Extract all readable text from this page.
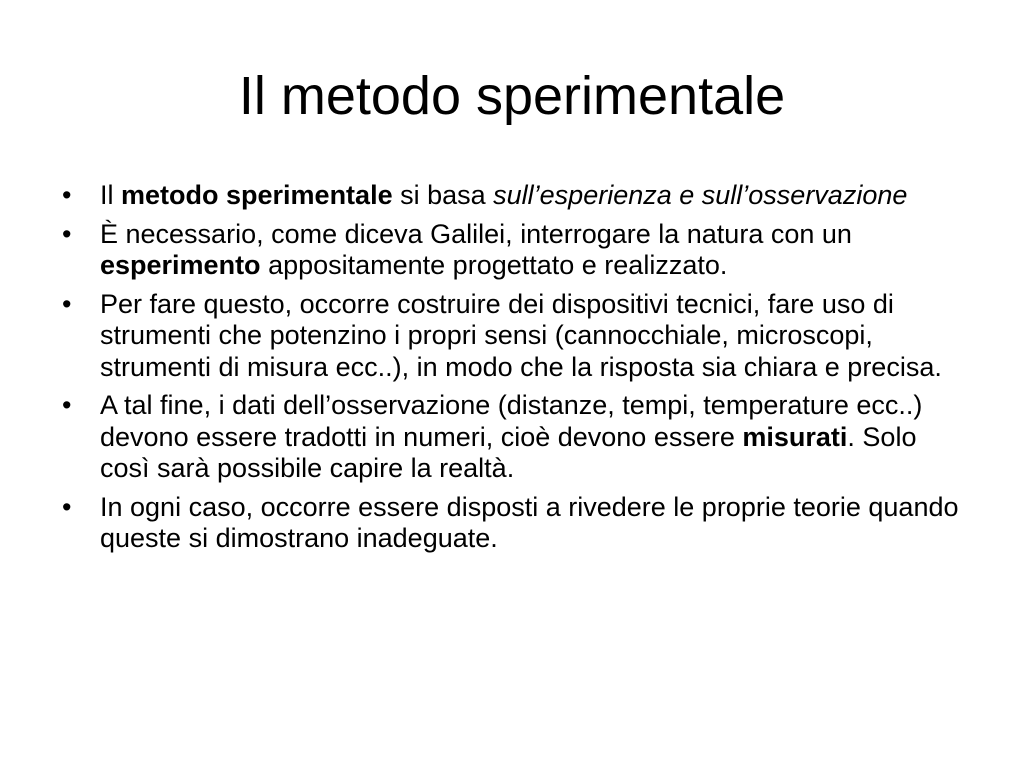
Il metodo sperimentale
•	Il metodo sperimentale si basa sull’esperienza e sull’osservazione
•	È necessario, come diceva Galilei, interrogare la natura con un esperimento appositamente progettato e realizzato.
•	Per fare questo, occorre costruire dei dispositivi tecnici, fare uso di strumenti che potenzino i propri sensi (cannocchiale, microscopi, strumenti di misura ecc..), in modo che la risposta sia chiara e precisa.
•	A tal fine, i dati dell’osservazione (distanze, tempi, temperature ecc..) devono essere tradotti in numeri, cioè devono essere misurati. Solo così sarà possibile capire la realtà.
•	In ogni caso, occorre essere disposti a rivedere le proprie teorie quando queste si dimostrano inadeguate.
